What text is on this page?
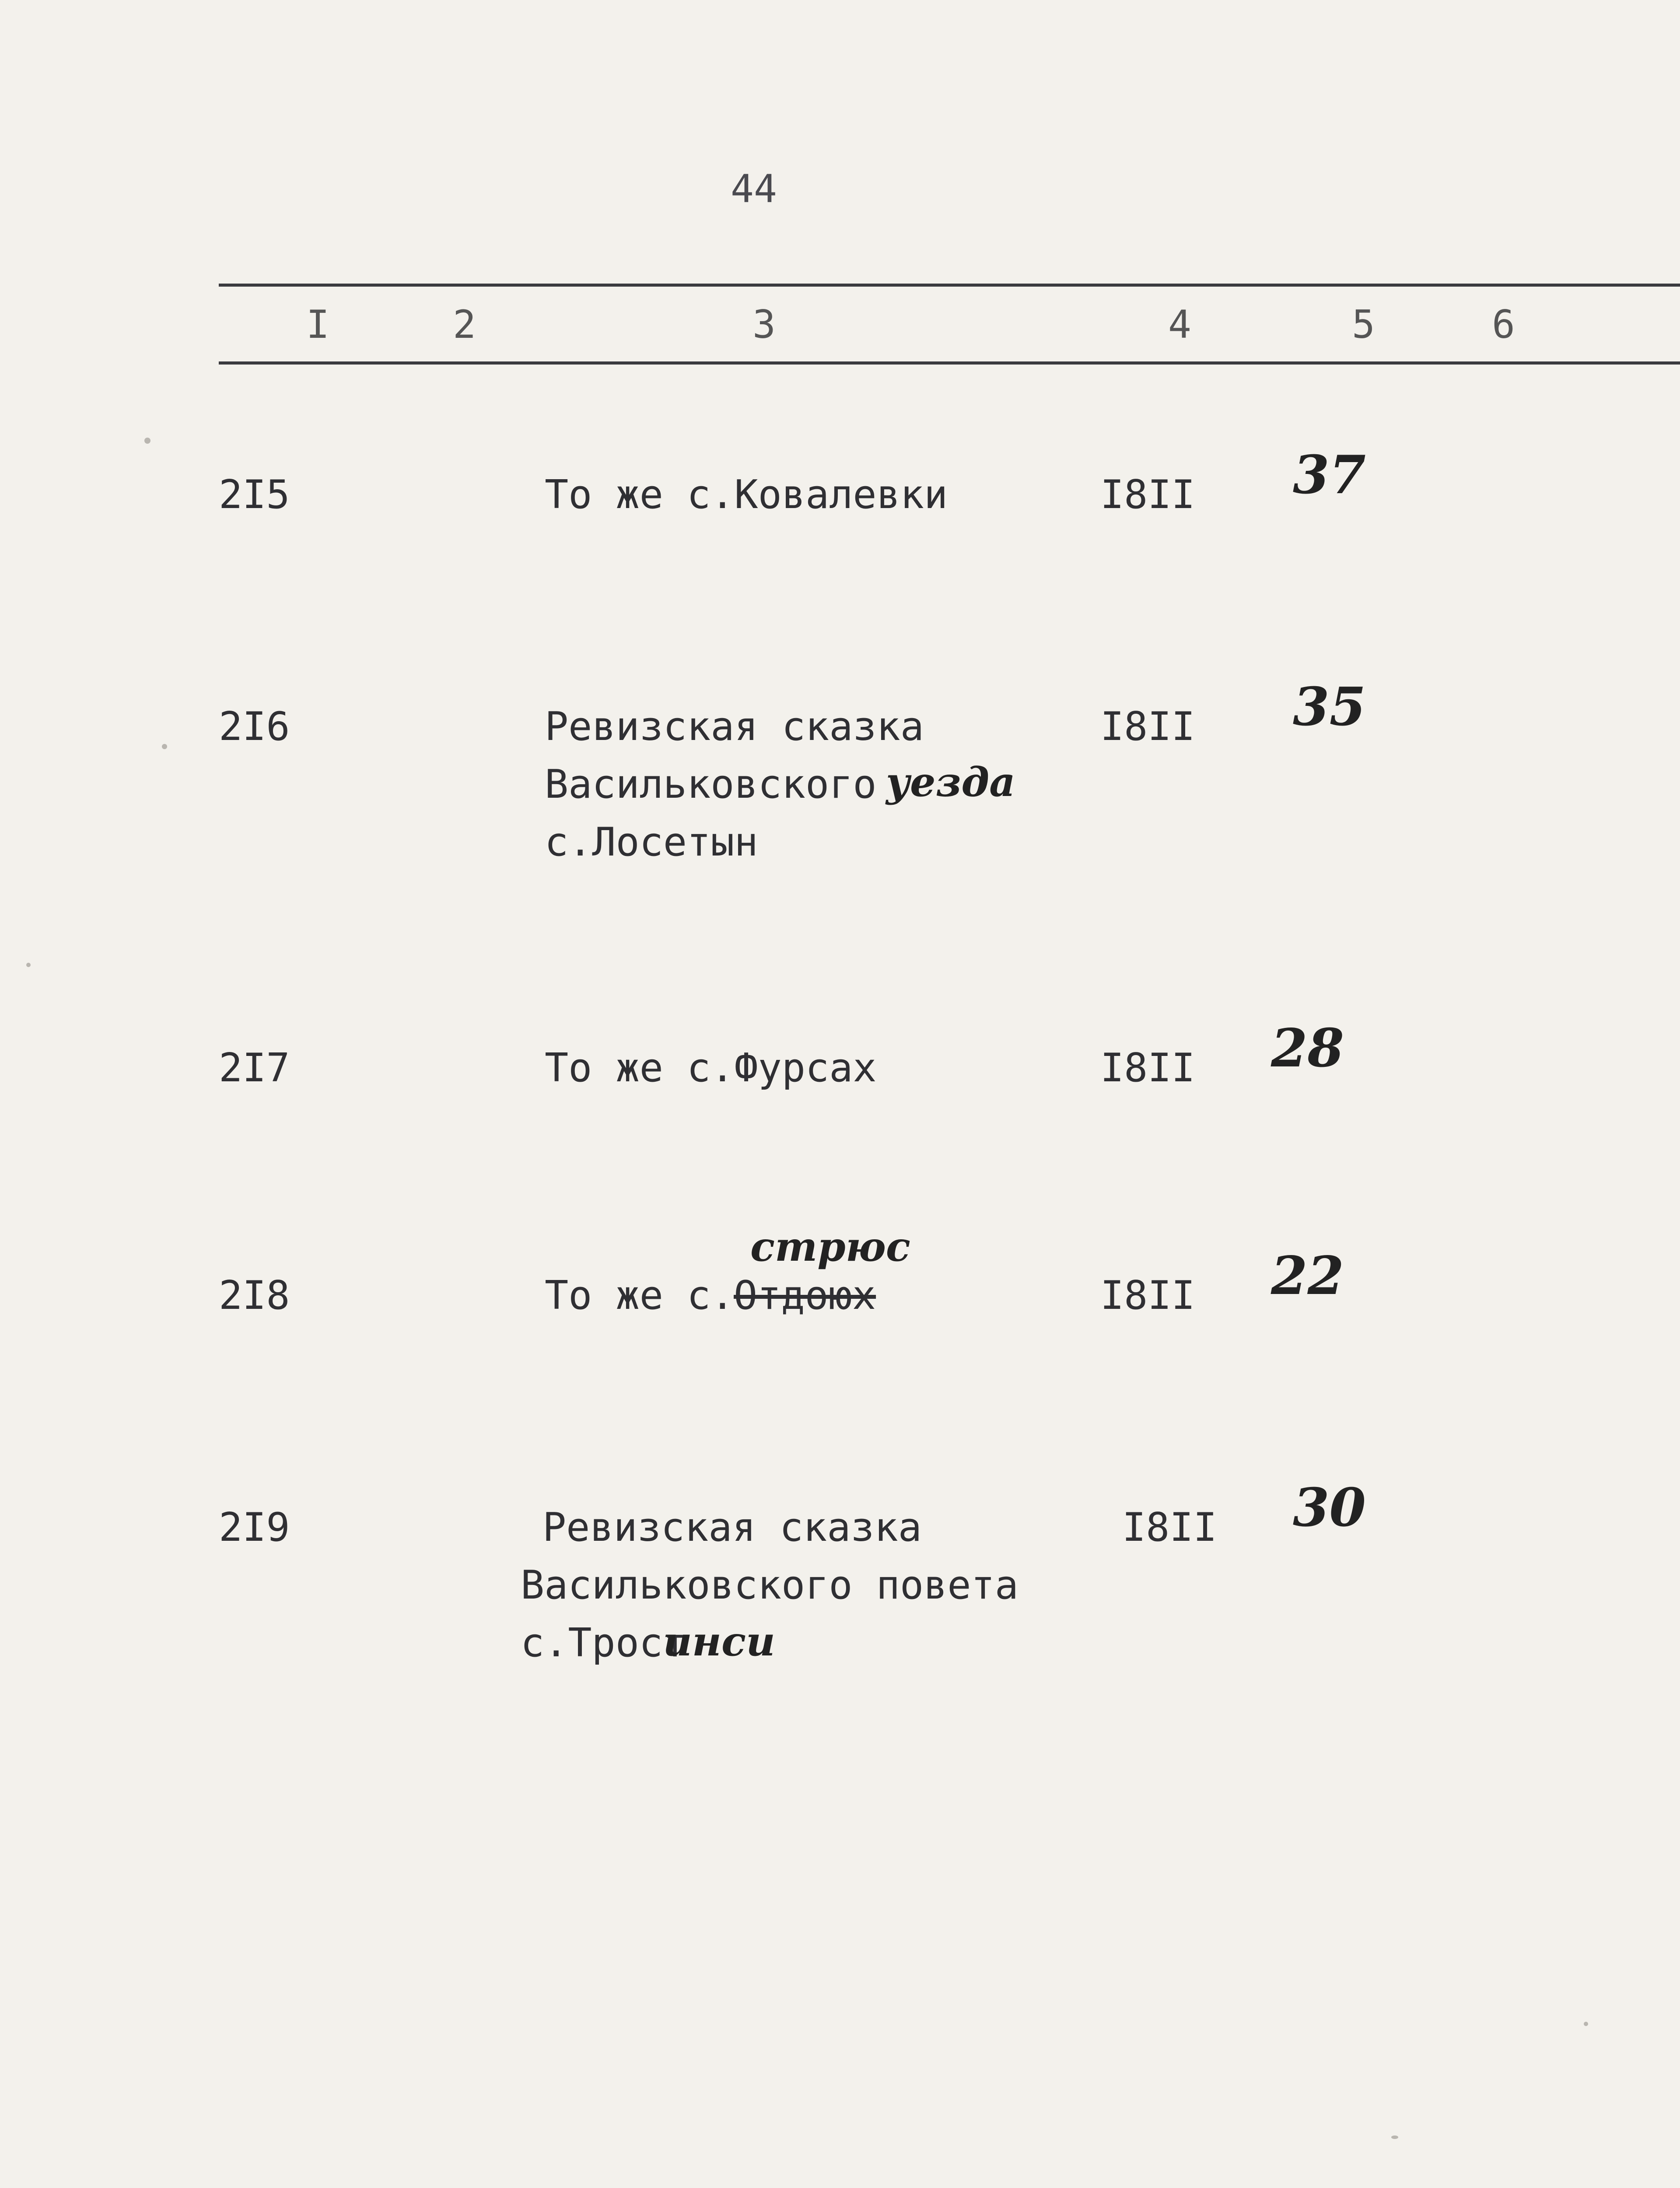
44
I	2	3	4	5	6
2I5	То же с.Ковалевки	I8II 37
2I6	Ревизская сказка
Васильковского уезда
с.Лосетын
I8II 35
2I7	То же с.Фурсах	I8II 28
2I8	То же с.
Отдоюх
стрюс
I8II 22
2I9	Ревизская сказка
Васильковского повета
с.Трост
инси
I8II 30
